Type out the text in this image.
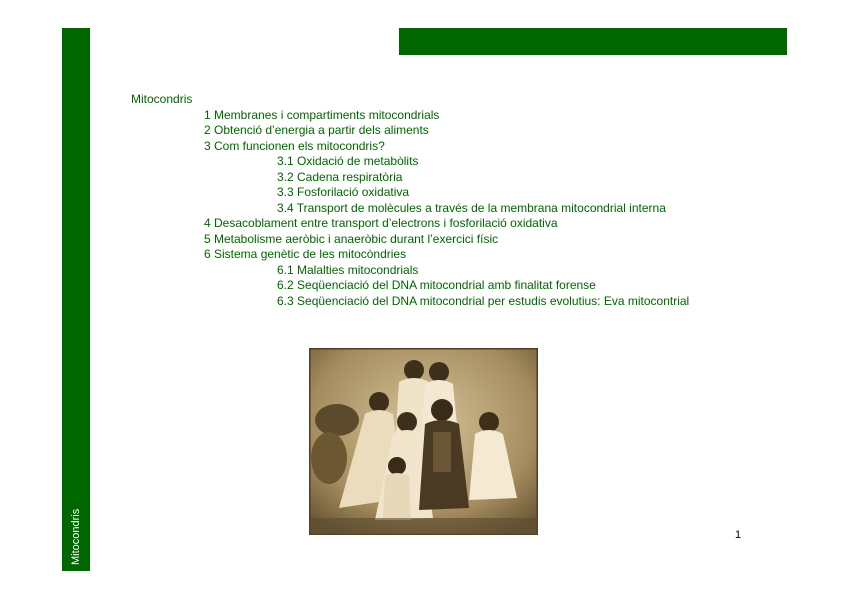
Mitocondris
Mitocondris
1 Membranes i compartiments mitocondrials
2 Obtenció d’energia a partir dels aliments
3 Com funcionen els mitocondris?
3.1 Oxidació de metabòlits
3.2 Cadena respiratòria
3.3 Fosforilació oxidativa
3.4 Transport de molècules a través de la membrana mitocondrial interna
4 Desacoblament entre transport d’electrons i fosforilació oxidativa
5 Metabolisme aeròbic i anaeròbic durant l’exercici físic
6 Sistema genètic de les mitocòndries
6.1 Malalties mitocondrials
6.2 Seqüenciació del DNA mitocondrial amb finalitat forense
6.3 Seqüenciació del DNA mitocondrial per estudis evolutius: Eva mitocontrial
1
